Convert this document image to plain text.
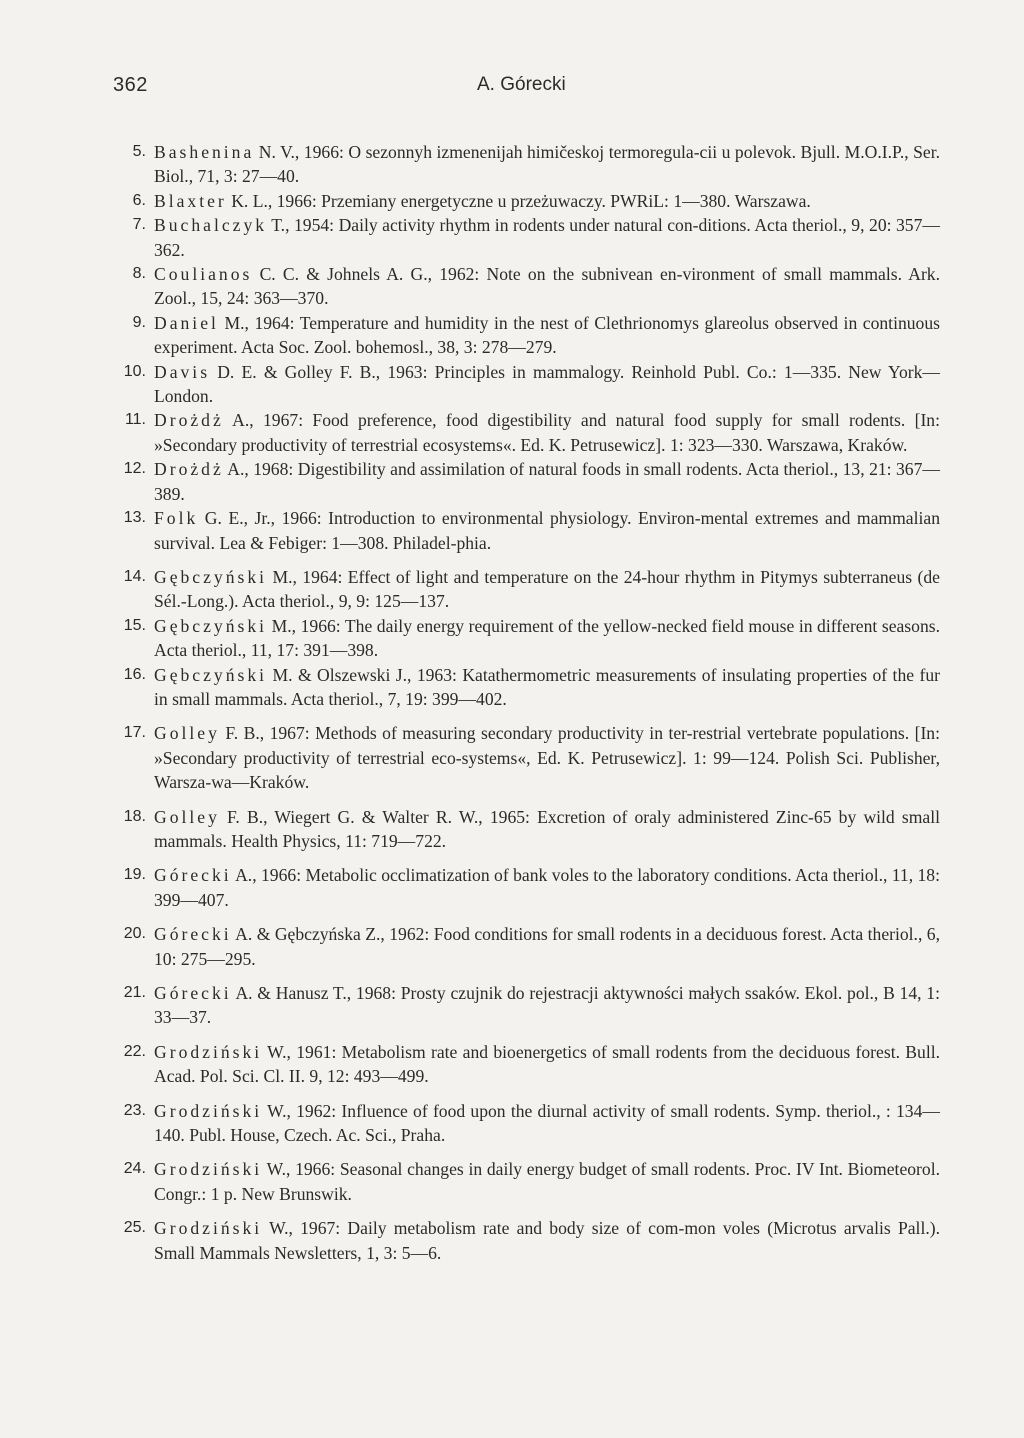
362	A. Górecki
5. Bashenina N. V., 1966: O sezonnyh izmenenijah himičeskoj termoregula-cii u polevok. Bjull. M.O.I.P., Ser. Biol., 71, 3: 27—40.
6. Blaxter K. L., 1966: Przemiany energetyczne u przeżuwaczy. PWRiL: 1—380. Warszawa.
7. Buchalczyk T., 1954: Daily activity rhythm in rodents under natural con-ditions. Acta theriol., 9, 20: 357—362.
8. Coulianos C. C. & Johnels A. G., 1962: Note on the subnivean en-vironment of small mammals. Ark. Zool., 15, 24: 363—370.
9. Daniel M., 1964: Temperature and humidity in the nest of Clethrionomys glareolus observed in continuous experiment. Acta Soc. Zool. bohemosl., 38, 3: 278—279.
10. Davis D. E. & Golley F. B., 1963: Principles in mammalogy. Reinhold Publ. Co.: 1—335. New York—London.
11. Drożdż A., 1967: Food preference, food digestibility and natural food supply for small rodents. [In: »Secondary productivity of terrestrial ecosystems«. Ed. K. Petrusewicz]. 1: 323—330. Warszawa, Kraków.
12. Drożdż A., 1968: Digestibility and assimilation of natural foods in small rodents. Acta theriol., 13, 21: 367—389.
13. Folk G. E., Jr., 1966: Introduction to environmental physiology. Environ-mental extremes and mammalian survival. Lea & Febiger: 1—308. Philadel-phia.
14. Gębczyński M., 1964: Effect of light and temperature on the 24-hour rhythm in Pitymys subterraneus (de Sél.-Long.). Acta theriol., 9, 9: 125—137.
15. Gębczyński M., 1966: The daily energy requirement of the yellow-necked field mouse in different seasons. Acta theriol., 11, 17: 391—398.
16. Gębczyński M. & Olszewski J., 1963: Katathermometric measurements of insulating properties of the fur in small mammals. Acta theriol., 7, 19: 399—402.
17. Golley F. B., 1967: Methods of measuring secondary productivity in ter-restrial vertebrate populations. [In: »Secondary productivity of terrestrial eco-systems«, Ed. K. Petrusewicz]. 1: 99—124. Polish Sci. Publisher, Warsza-wa—Kraków.
18. Golley F. B., Wiegert G. & Walter R. W., 1965: Excretion of oraly administered Zinc-65 by wild small mammals. Health Physics, 11: 719—722.
19. Górecki A., 1966: Metabolic occlimatization of bank voles to the laboratory conditions. Acta theriol., 11, 18: 399—407.
20. Górecki A. & Gębczyńska Z., 1962: Food conditions for small rodents in a deciduous forest. Acta theriol., 6, 10: 275—295.
21. Górecki A. & Hanusz T., 1968: Prosty czujnik do rejestracji aktywności małych ssaków. Ekol. pol., B 14, 1: 33—37.
22. Grodziński W., 1961: Metabolism rate and bioenergetics of small rodents from the deciduous forest. Bull. Acad. Pol. Sci. Cl. II. 9, 12: 493—499.
23. Grodziński W., 1962: Influence of food upon the diurnal activity of small rodents. Symp. theriol., : 134—140. Publ. House, Czech. Ac. Sci., Praha.
24. Grodziński W., 1966: Seasonal changes in daily energy budget of small rodents. Proc. IV Int. Biometeorol. Congr.: 1 p. New Brunswik.
25. Grodziński W., 1967: Daily metabolism rate and body size of com-mon voles (Microtus arvalis Pall.). Small Mammals Newsletters, 1, 3: 5—6.
